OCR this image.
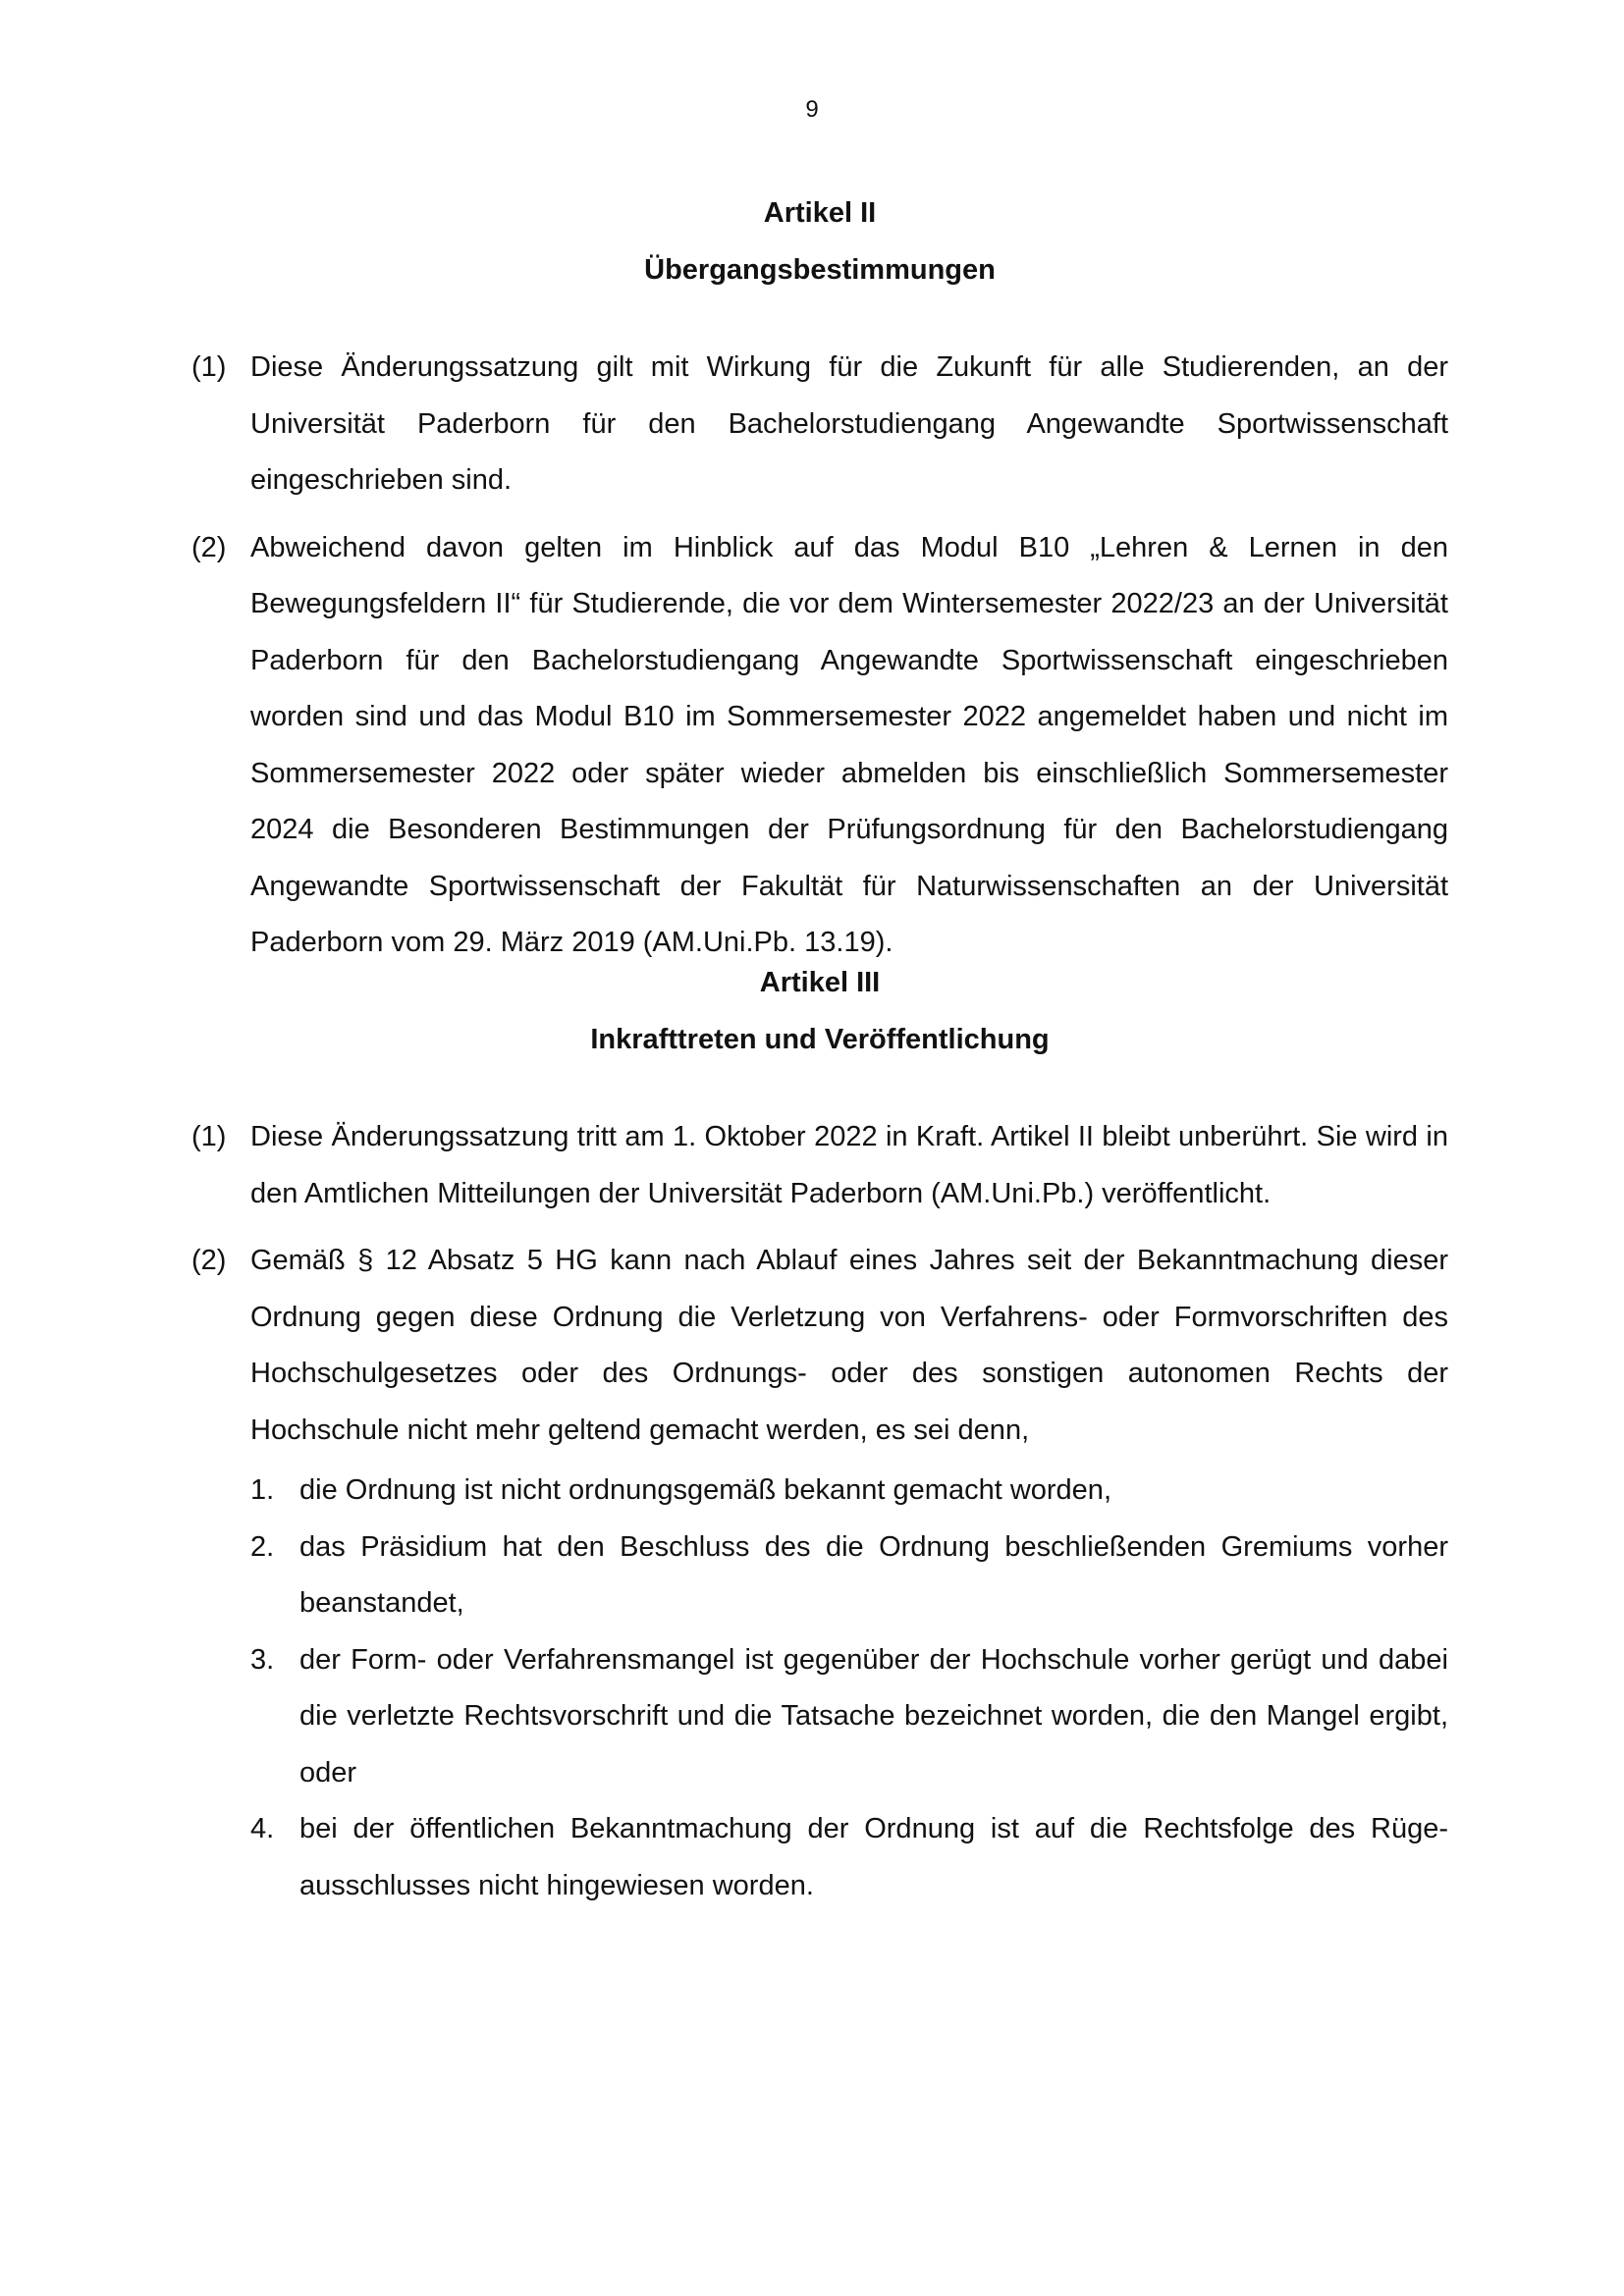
9
Artikel II
Übergangsbestimmungen
(1) Diese Änderungssatzung gilt mit Wirkung für die Zukunft für alle Studierenden, an der Universität Paderborn für den Bachelorstudiengang Angewandte Sportwissenschaft eingeschrieben sind.
(2) Abweichend davon gelten im Hinblick auf das Modul B10 „Lehren & Lernen in den Bewegungsfeldern II“ für Studierende, die vor dem Wintersemester 2022/23 an der Universität Paderborn für den Bachelorstudiengang Angewandte Sportwissenschaft eingeschrieben worden sind und das Modul B10 im Sommersemester 2022 angemeldet haben und nicht im Sommersemester 2022 oder später wieder abmelden bis einschließlich Sommersemester 2024 die Besonderen Bestimmungen der Prüfungsordnung für den Bachelorstudiengang Angewandte Sportwissenschaft der Fakultät für Naturwissenschaften an der Universität Paderborn vom 29. März 2019 (AM.Uni.Pb. 13.19).
Artikel III
Inkrafttreten und Veröffentlichung
(1) Diese Änderungssatzung tritt am 1. Oktober 2022 in Kraft. Artikel II bleibt unberührt. Sie wird in den Amtlichen Mitteilungen der Universität Paderborn (AM.Uni.Pb.) veröffentlicht.
(2) Gemäß § 12 Absatz 5 HG kann nach Ablauf eines Jahres seit der Bekanntmachung dieser Ordnung gegen diese Ordnung die Verletzung von Verfahrens- oder Formvorschriften des Hochschulgesetzes oder des Ordnungs- oder des sonstigen autonomen Rechts der Hochschule nicht mehr geltend gemacht werden, es sei denn,
1. die Ordnung ist nicht ordnungsgemäß bekannt gemacht worden,
2. das Präsidium hat den Beschluss des die Ordnung beschließenden Gremiums vorher beanstandet,
3. der Form- oder Verfahrensmangel ist gegenüber der Hochschule vorher gerügt und dabei die verletzte Rechtsvorschrift und die Tatsache bezeichnet worden, die den Mangel ergibt, oder
4. bei der öffentlichen Bekanntmachung der Ordnung ist auf die Rechtsfolge des Rüge-ausschlusses nicht hingewiesen worden.
